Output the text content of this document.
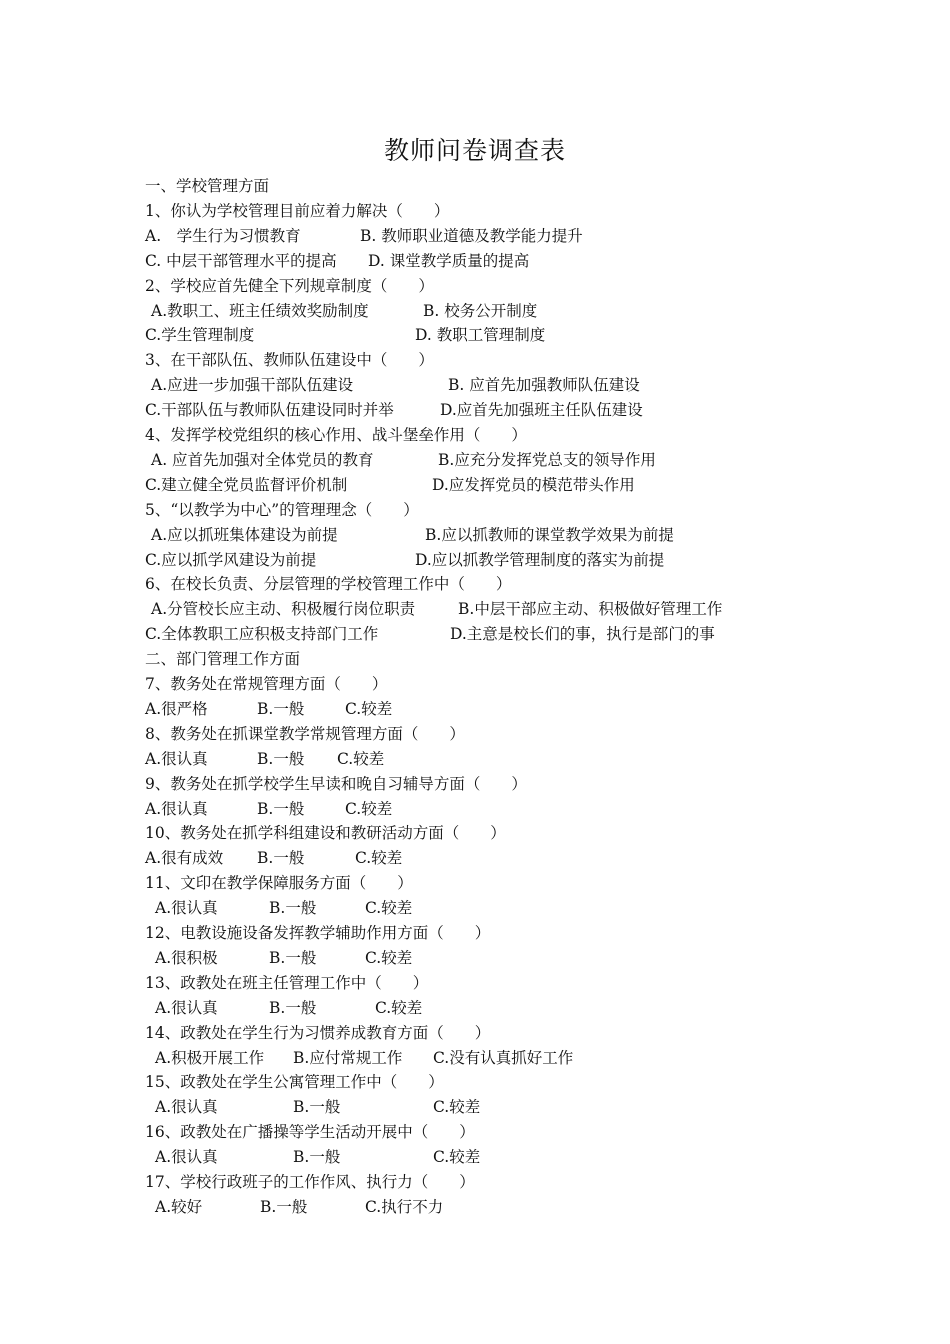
教师问卷调查表
一、学校管理方面
1、你认为学校管理目前应着力解决（　　）
A.　学生行为习惯教育	B. 教师职业道德及教学能力提升
C. 中层干部管理水平的提高 D. 课堂教学质量的提高
2、学校应首先健全下列规章制度（　　）
A.教职工、班主任绩效奖励制度	B. 校务公开制度
C.学生管理制度	D. 教职工管理制度
3、在干部队伍、教师队伍建设中（　　）
A.应进一步加强干部队伍建设	B. 应首先加强教师队伍建设
C.干部队伍与教师队伍建设同时并举	D.应首先加强班主任队伍建设
4、发挥学校党组织的核心作用、战斗堡垒作用（　　）
A. 应首先加强对全体党员的教育	B.应充分发挥党总支的领导作用
C.建立健全党员监督评价机制	D.应发挥党员的模范带头作用
5、“以教学为中心”的管理理念（　　）
A.应以抓班集体建设为前提	B.应以抓教师的课堂教学效果为前提
C.应以抓学风建设为前提	D.应以抓教学管理制度的落实为前提
6、在校长负责、分层管理的学校管理工作中（　　）
A.分管校长应主动、积极履行岗位职责	B.中层干部应主动、积极做好管理工作
C.全体教职工应积极支持部门工作	D.主意是校长们的事，执行是部门的事
二、部门管理工作方面
7、教务处在常规管理方面（　　）
A.很严格	B.一般	C.较差
8、教务处在抓课堂教学常规管理方面（　　）
A.很认真	B.一般 C.较差
9、教务处在抓学校学生早读和晚自习辅导方面（　　）
A.很认真	B.一般	C.较差
10、教务处在抓学科组建设和教研活动方面（　　）
A.很有成效 B.一般	C.较差
11、文印在教学保障服务方面（　　）
A.很认真	B.一般	C.较差
12、电教设施设备发挥教学辅助作用方面（　　）
A.很积极	B.一般	C.较差
13、政教处在班主任管理工作中（　　）
A.很认真	B.一般	C.较差
14、政教处在学生行为习惯养成教育方面（　　）
A.积极开展工作 B.应付常规工作 C.没有认真抓好工作
15、政教处在学生公寓管理工作中（　　）
A.很认真	B.一般	C.较差
16、政教处在广播操等学生活动开展中（　　）
A.很认真	B.一般	C.较差
17、学校行政班子的工作作风、执行力（　　）
A.较好	B.一般	C.执行不力
